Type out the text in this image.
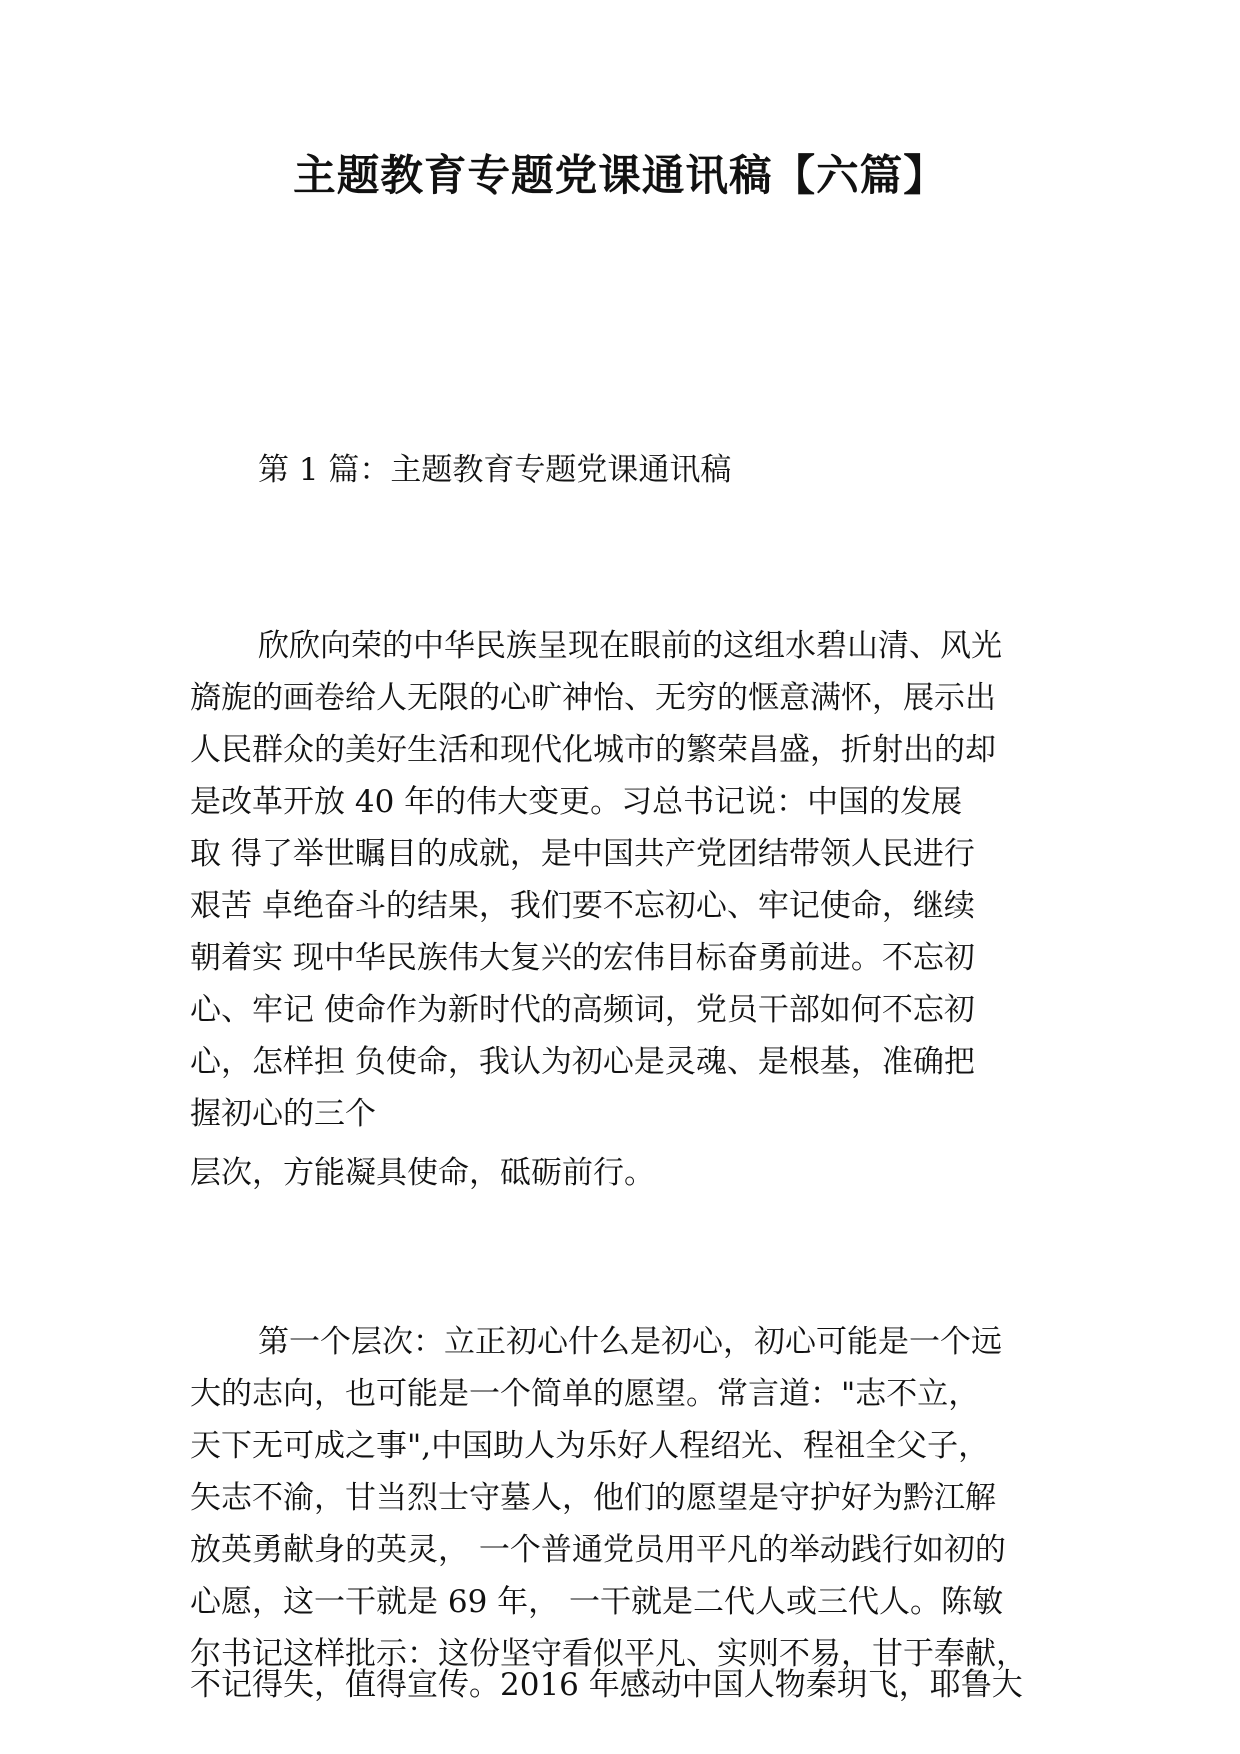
主题教育专题党课通讯稿【六篇】
第 1 篇：主题教育专题党课通讯稿
欣欣向荣的中华民族呈现在眼前的这组水碧山清、风光
旖旎的画卷给人无限的心旷神怡、无穷的惬意满怀，展示出
人民群众的美好生活和现代化城市的繁荣昌盛，折射出的却
是改革开放 40 年的伟大变更。习总书记说：中国的发展
取 得了举世瞩目的成就，是中国共产党团结带领人民进行
艰苦 卓绝奋斗的结果，我们要不忘初心、牢记使命，继续
朝着实 现中华民族伟大复兴的宏伟目标奋勇前进。不忘初
心、牢记 使命作为新时代的高频词，党员干部如何不忘初
心，怎样担 负使命，我认为初心是灵魂、是根基，准确把
握初心的三个
层次，方能凝具使命，砥砺前行。
第一个层次：立正初心什么是初心，初心可能是一个远
大的志向，也可能是一个简单的愿望。常言道："志不立，
天下无可成之事",中国助人为乐好人程绍光、程祖全父子，
矢志不渝，甘当烈士守墓人，他们的愿望是守护好为黔江解
放英勇献身的英灵， 一个普通党员用平凡的举动践行如初的
心愿，这一干就是 69 年， 一干就是二代人或三代人。陈敏
尔书记这样批示：这份坚守看似平凡、实则不易，甘于奉献，
不记得失，值得宣传。2016 年感动中国人物秦玥飞，耶鲁大
